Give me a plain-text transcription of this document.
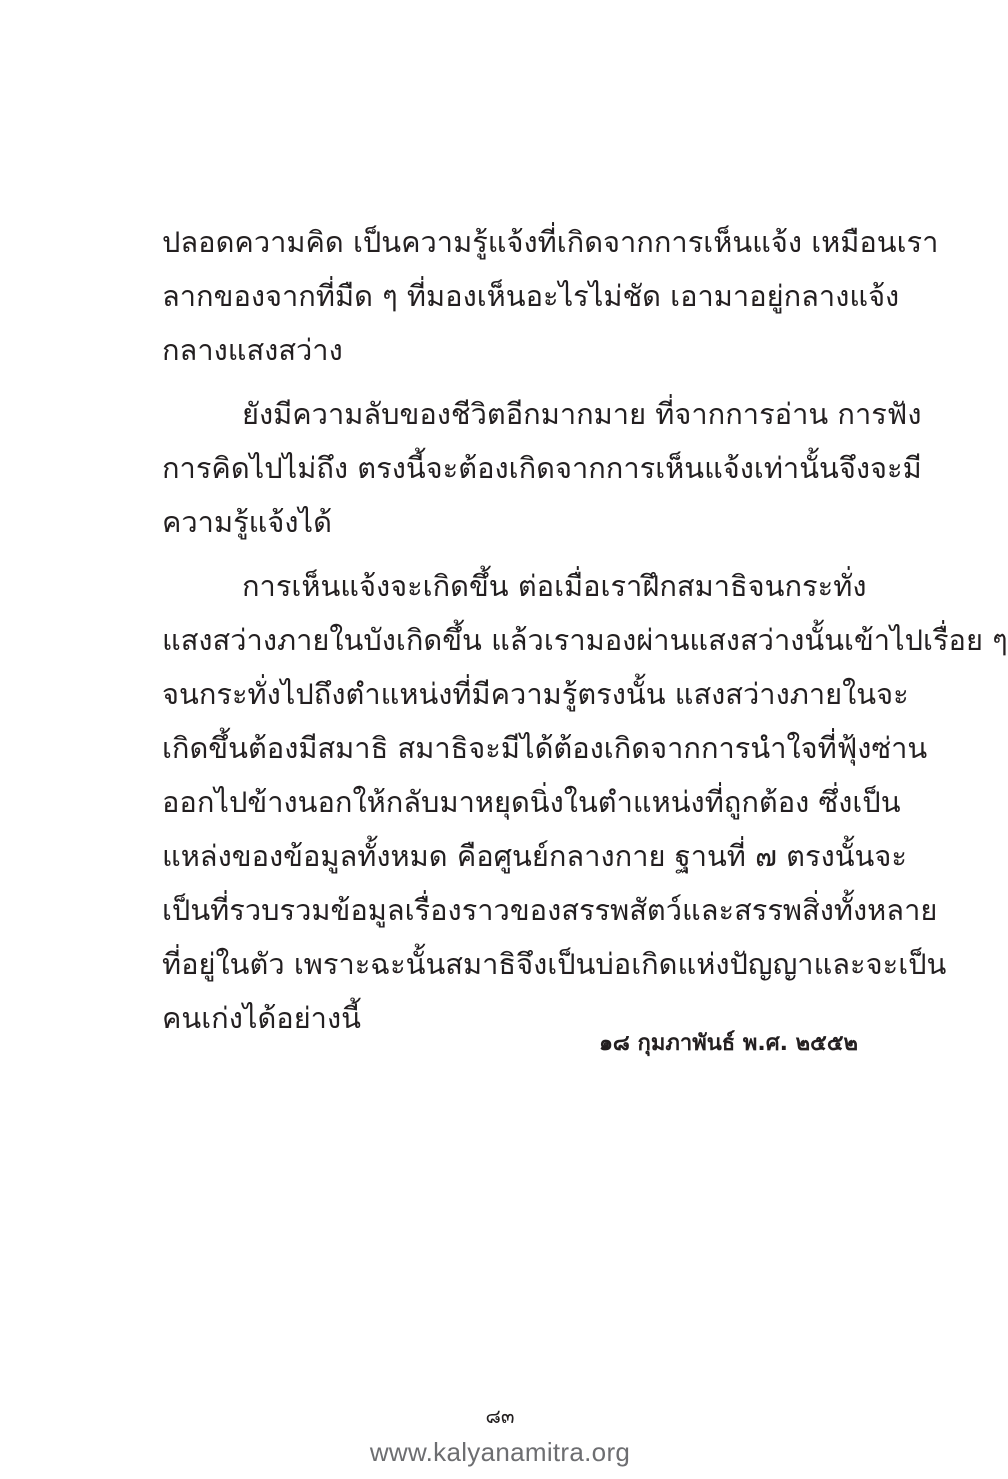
ปลอดความคิด เป็นความรู้แจ้งที่เกิดจากการเห็นแจ้ง เหมือนเรา
ลากของจากที่มืด ๆ ที่มองเห็นอะไรไม่ชัด เอามาอยู่กลางแจ้ง
กลางแสงสว่าง
ยังมีความลับของชีวิตอีกมากมาย ที่จากการอ่าน การฟัง
การคิดไปไม่ถึง ตรงนี้จะต้องเกิดจากการเห็นแจ้งเท่านั้นจึงจะมี
ความรู้แจ้งได้
การเห็นแจ้งจะเกิดขึ้น ต่อเมื่อเราฝึกสมาธิจนกระทั่ง
แสงสว่างภายในบังเกิดขึ้น แล้วเรามองผ่านแสงสว่างนั้นเข้าไปเรื่อย ๆ
จนกระทั่งไปถึงตำแหน่งที่มีความรู้ตรงนั้น แสงสว่างภายในจะ
เกิดขึ้นต้องมีสมาธิ สมาธิจะมีได้ต้องเกิดจากการนำใจที่ฟุ้งซ่าน
ออกไปข้างนอกให้กลับมาหยุดนิ่งในตำแหน่งที่ถูกต้อง ซึ่งเป็น
แหล่งของข้อมูลทั้งหมด คือศูนย์กลางกาย ฐานที่ ๗ ตรงนั้นจะ
เป็นที่รวบรวมข้อมูลเรื่องราวของสรรพสัตว์และสรรพสิ่งทั้งหลาย
ที่อยู่ในตัว เพราะฉะนั้นสมาธิจึงเป็นบ่อเกิดแห่งปัญญาและจะเป็น
คนเก่งได้อย่างนี้
๑๘ กุมภาพันธ์ พ.ศ. ๒๕๕๒
๘๓
www.kalyanamitra.org
